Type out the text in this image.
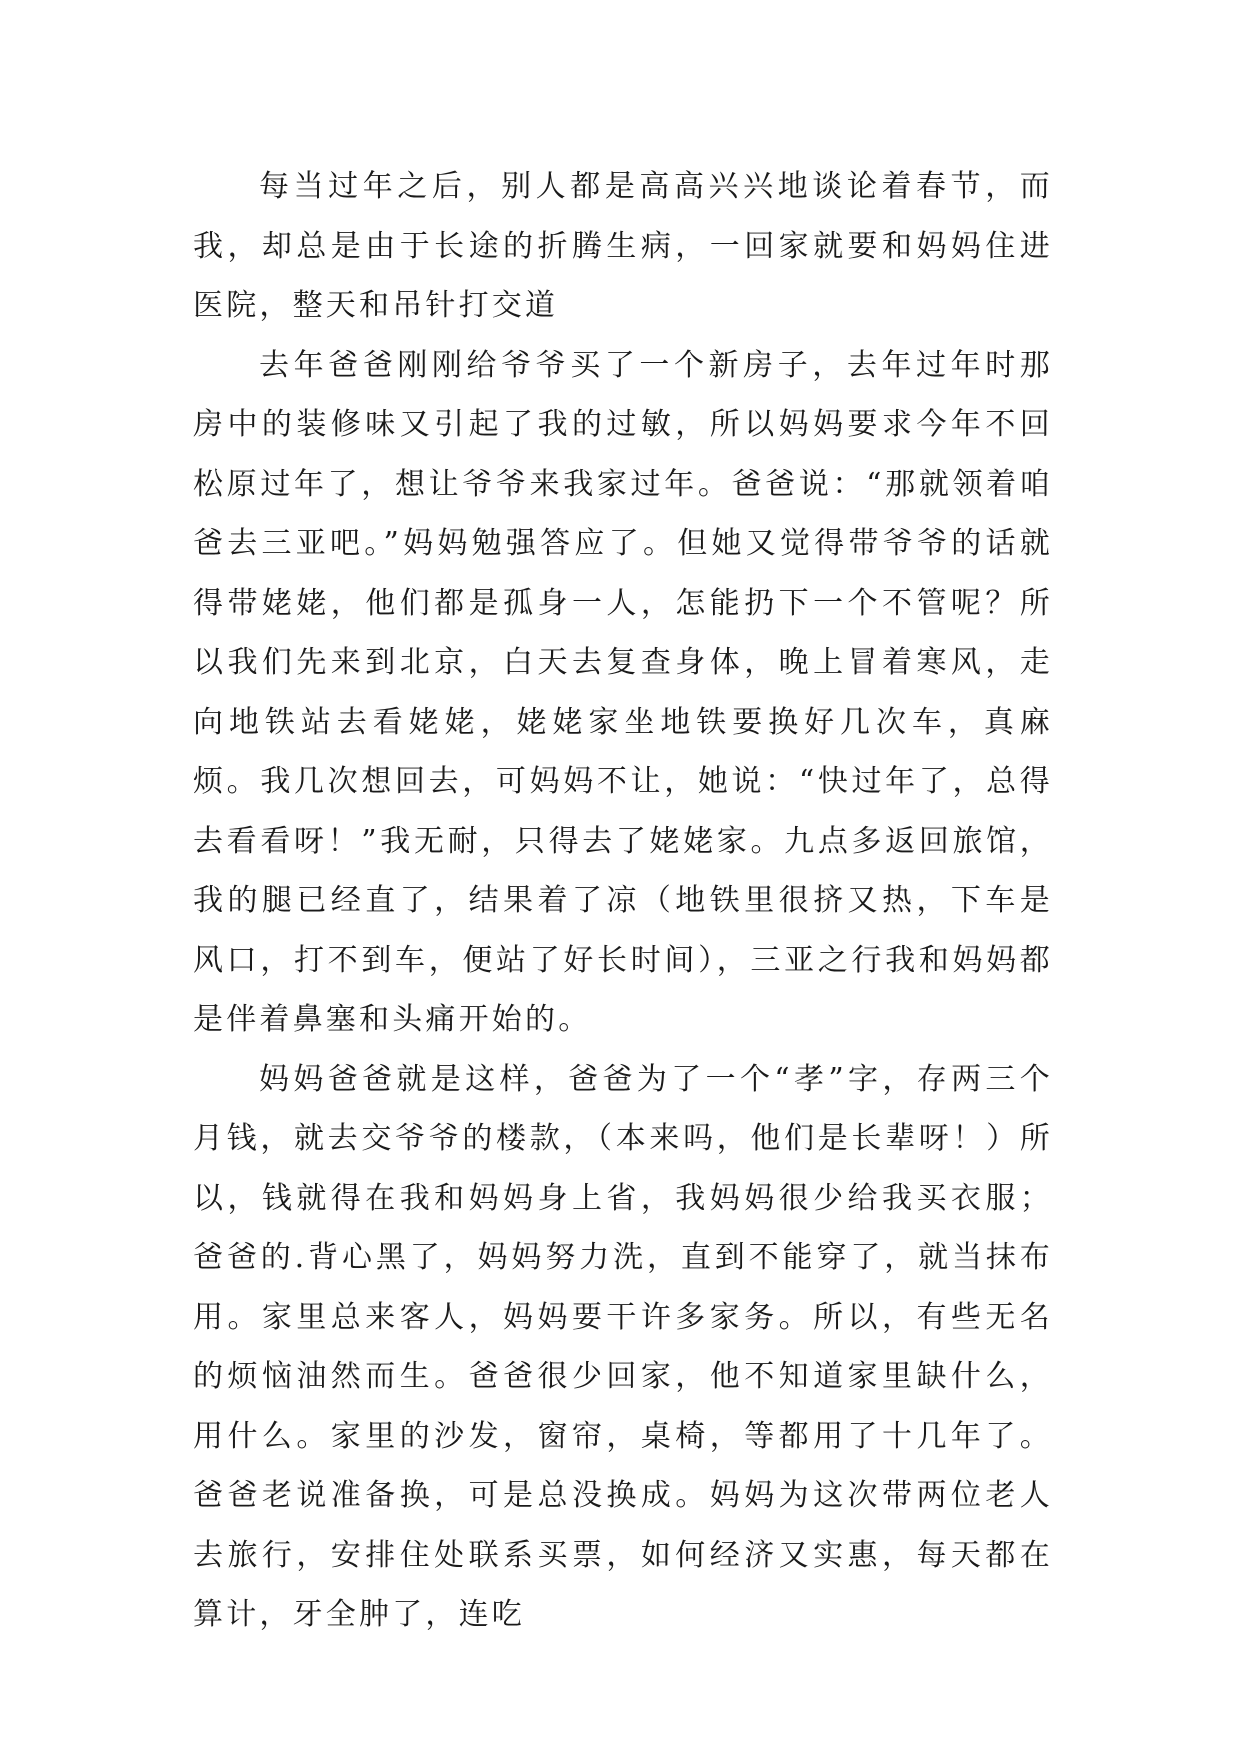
每当过年之后，别人都是高高兴兴地谈论着春节，而我，却总是由于长途的折腾生病，一回家就要和妈妈住进医院，整天和吊针打交道

去年爸爸刚刚给爷爷买了一个新房子，去年过年时那房中的装修味又引起了我的过敏，所以妈妈要求今年不回松原过年了，想让爷爷来我家过年。爸爸说：“那就领着咱爸去三亚吧。”妈妈勉强答应了。但她又觉得带爷爷的话就得带姥姥，他们都是孤身一人，怎能扔下一个不管呢？所以我们先来到北京，白天去复查身体，晚上冒着寒风，走向地铁站去看姥姥，姥姥家坐地铁要换好几次车，真麻烦。我几次想回去，可妈妈不让，她说：“快过年了，总得去看看呀！”我无耐，只得去了姥姥家。九点多返回旅馆，我的腿已经直了，结果着了凉（地铁里很挤又热，下车是风口，打不到车，便站了好长时间），三亚之行我和妈妈都是伴着鼻塞和头痛开始的。

妈妈爸爸就是这样，爸爸为了一个“孝”字，存两三个月钱，就去交爷爷的楼款，（本来吗，他们是长辈呀！）所以，钱就得在我和妈妈身上省，我妈妈很少给我买衣服；爸爸的.背心黑了，妈妈努力洗，直到不能穿了，就当抹布用。家里总来客人，妈妈要干许多家务。所以，有些无名的烦恼油然而生。爸爸很少回家，他不知道家里缺什么，用什么。家里的沙发，窗帘，桌椅，等都用了十几年了。爸爸老说准备换，可是总没换成。妈妈为这次带两位老人去旅行，安排住处联系买票，如何经济又实惠，每天都在算计，牙全肿了，连吃
